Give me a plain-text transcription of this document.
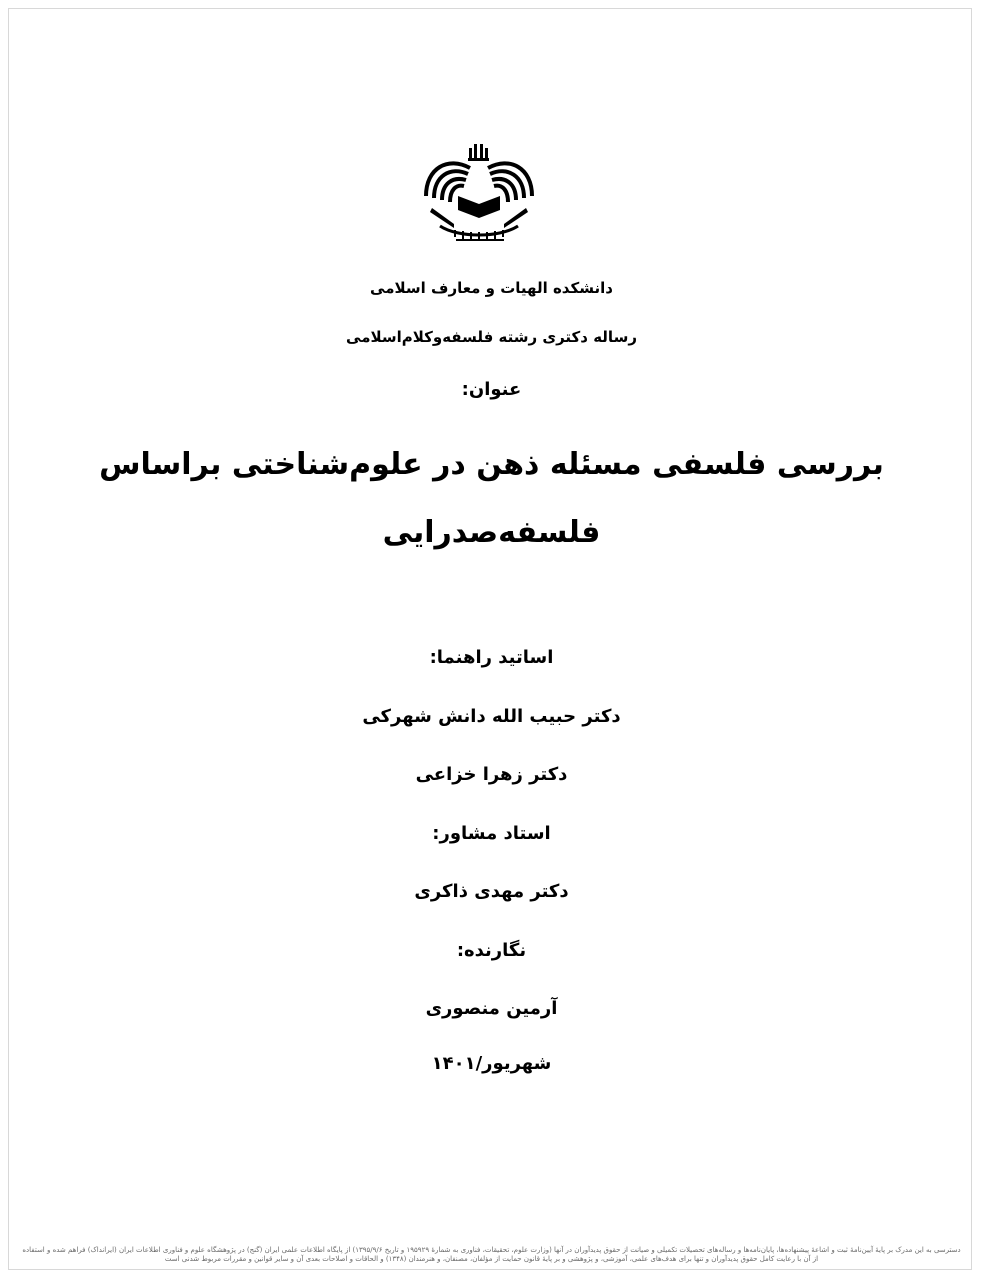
دانشکده الهیات و معارف اسلامی
رساله دکتری رشته فلسفه‌وکلام‌اسلامی
عنوان:
بررسی فلسفی مسئله ذهن در علوم‌شناختی براساس
فلسفه‌صدرایی
اساتید راهنما:
دکتر حبیب الله دانش شهرکی
دکتر زهرا خزاعی
استاد مشاور:
دکتر مهدی ذاکری
نگارنده:
آرمین منصوری
شهریور/۱۴۰۱
دسترسی به این مدرک بر پایهٔ آیین‌نامهٔ ثبت و اشاعهٔ پیشنهاده‌ها، پایان‌نامه‌ها و رساله‌های تحصیلات تکمیلی و صیانت از حقوق پدیدآوران در آنها (وزارت علوم، تحقیقات، فناوری به شمارهٔ ۱۹۵۹۲۹ و تاریخ ۱۳۹۵/۹/۶) از پایگاه اطلاعات علمی ایران (گنج) در پژوهشگاه علوم و فناوری اطلاعات ایران (ایرانداک) فراهم شده و استفاده از آن با رعایت کامل حقوق پدیدآوران و تنها برای هدف‌های علمی، آموزشی، و پژوهشی و بر پایهٔ قانون حمایت از مؤلفان، مصنفان، و هنرمندان (۱۳۴۸) و الحاقات و اصلاحات بعدی آن و سایر قوانین و مقررات مربوط شدنی است
